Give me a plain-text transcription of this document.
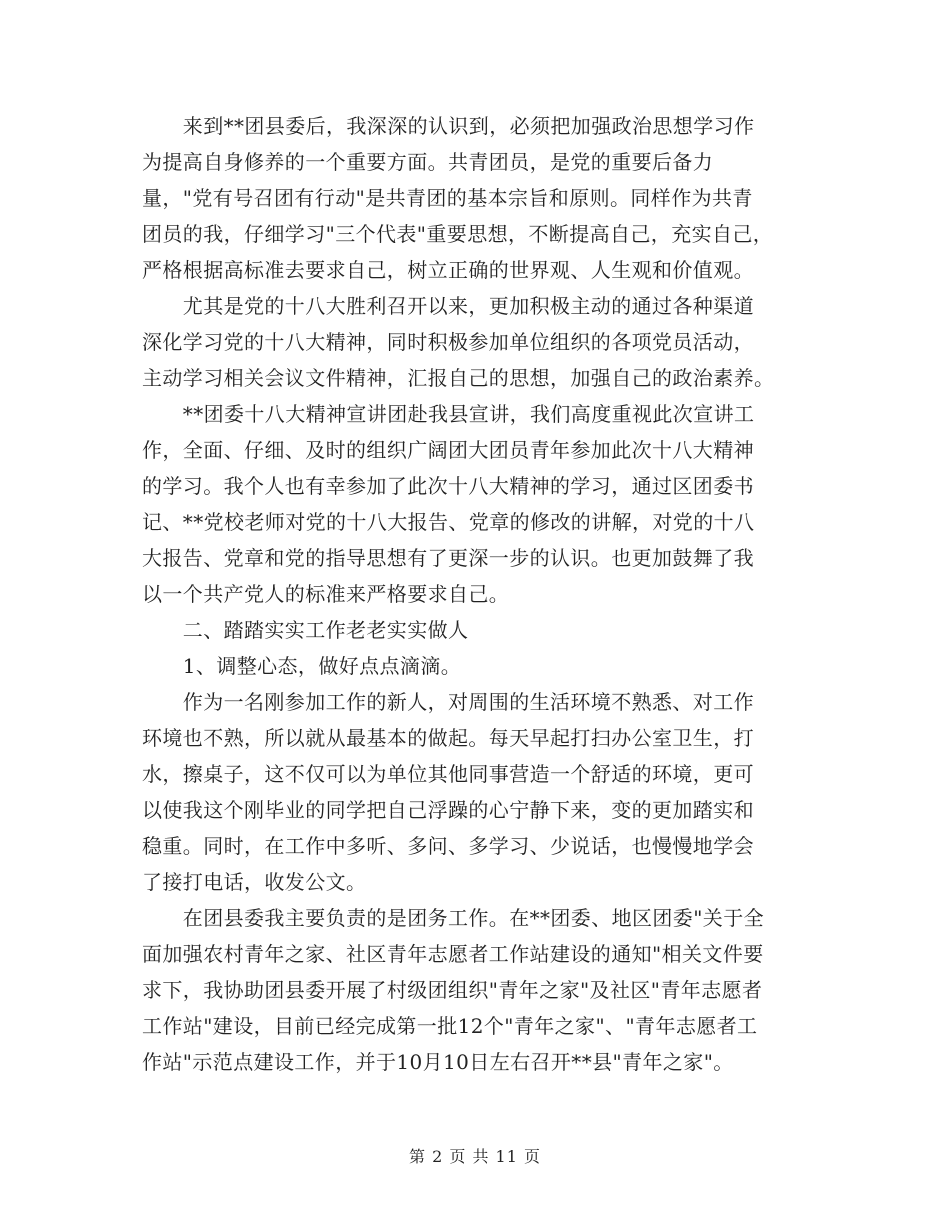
　　来到**团县委后，我深深的认识到，必须把加强政治思想学习作
为提高自身修养的一个重要方面。共青团员，是党的重要后备力
量，"党有号召团有行动"是共青团的基本宗旨和原则。同样作为共青
团员的我，仔细学习"三个代表"重要思想，不断提高自己，充实自己，
严格根据高标准去要求自己，树立正确的世界观、人生观和价值观。
　　尤其是党的十八大胜利召开以来，更加积极主动的通过各种渠道
深化学习党的十八大精神，同时积极参加单位组织的各项党员活动，
主动学习相关会议文件精神，汇报自己的思想，加强自己的政治素养。
　　**团委十八大精神宣讲团赴我县宣讲，我们高度重视此次宣讲工
作，全面、仔细、及时的组织广阔团大团员青年参加此次十八大精神
的学习。我个人也有幸参加了此次十八大精神的学习，通过区团委书
记、**党校老师对党的十八大报告、党章的修改的讲解，对党的十八
大报告、党章和党的指导思想有了更深一步的认识。也更加鼓舞了我
以一个共产党人的标准来严格要求自己。
　　二、踏踏实实工作老老实实做人
　　1、调整心态，做好点点滴滴。
　　作为一名刚参加工作的新人，对周围的生活环境不熟悉、对工作
环境也不熟，所以就从最基本的做起。每天早起打扫办公室卫生，打
水，擦桌子，这不仅可以为单位其他同事营造一个舒适的环境，更可
以使我这个刚毕业的同学把自己浮躁的心宁静下来，变的更加踏实和
稳重。同时，在工作中多听、多问、多学习、少说话，也慢慢地学会
了接打电话，收发公文。
　　在团县委我主要负责的是团务工作。在**团委、地区团委"关于全
面加强农村青年之家、社区青年志愿者工作站建设的通知"相关文件要
求下，我协助团县委开展了村级团组织"青年之家"及社区"青年志愿者
工作站"建设，目前已经完成第一批12个"青年之家"、"青年志愿者工
作站"示范点建设工作，并于10月10日左右召开**县"青年之家"。
第 2 页 共 11 页
